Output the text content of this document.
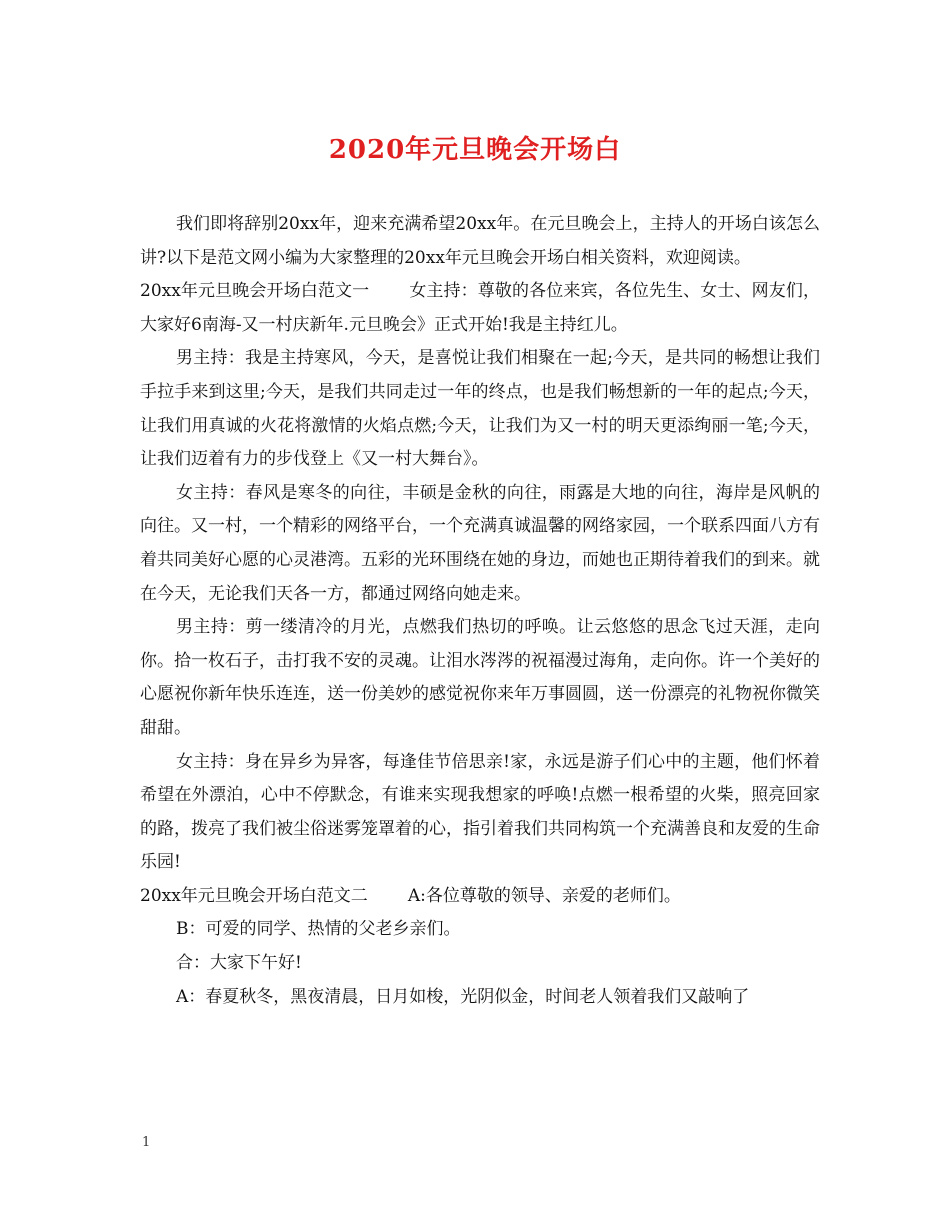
2020年元旦晚会开场白

我们即将辞别20xx年，迎来充满希望20xx年。在元旦晚会上，主持人的开场白该怎么讲?以下是范文网小编为大家整理的20xx年元旦晚会开场白相关资料，欢迎阅读。

20xx年元旦晚会开场白范文一 女主持：尊敬的各位来宾，各位先生、女士、网友们，大家好6南海-又一村庆新年.元旦晚会》正式开始!我是主持红儿。

男主持：我是主持寒风，今天，是喜悦让我们相聚在一起;今天，是共同的畅想让我们手拉手来到这里;今天，是我们共同走过一年的终点，也是我们畅想新的一年的起点;今天，让我们用真诚的火花将激情的火焰点燃;今天，让我们为又一村的明天更添绚丽一笔;今天，让我们迈着有力的步伐登上《又一村大舞台》。

女主持：春风是寒冬的向往，丰硕是金秋的向往，雨露是大地的向往，海岸是风帆的向往。又一村，一个精彩的网络平台，一个充满真诚温馨的网络家园，一个联系四面八方有着共同美好心愿的心灵港湾。五彩的光环围绕在她的身边，而她也正期待着我们的到来。就在今天，无论我们天各一方，都通过网络向她走来。

男主持：剪一缕清冷的月光，点燃我们热切的呼唤。让云悠悠的思念飞过天涯，走向你。拾一枚石子，击打我不安的灵魂。让泪水涔涔的祝福漫过海角，走向你。许一个美好的心愿祝你新年快乐连连，送一份美妙的感觉祝你来年万事圆圆，送一份漂亮的礼物祝你微笑甜甜。

女主持：身在异乡为异客，每逢佳节倍思亲!家，永远是游子们心中的主题，他们怀着希望在外漂泊，心中不停默念，有谁来实现我想家的呼唤!点燃一根希望的火柴，照亮回家的路，拨亮了我们被尘俗迷雾笼罩着的心，指引着我们共同构筑一个充满善良和友爱的生命乐园!

20xx年元旦晚会开场白范文二 A:各位尊敬的领导、亲爱的老师们。

B：可爱的同学、热情的父老乡亲们。

合：大家下午好!

A：春夏秋冬，黑夜清晨，日月如梭，光阴似金，时间老人领着我们又敲响了

1
